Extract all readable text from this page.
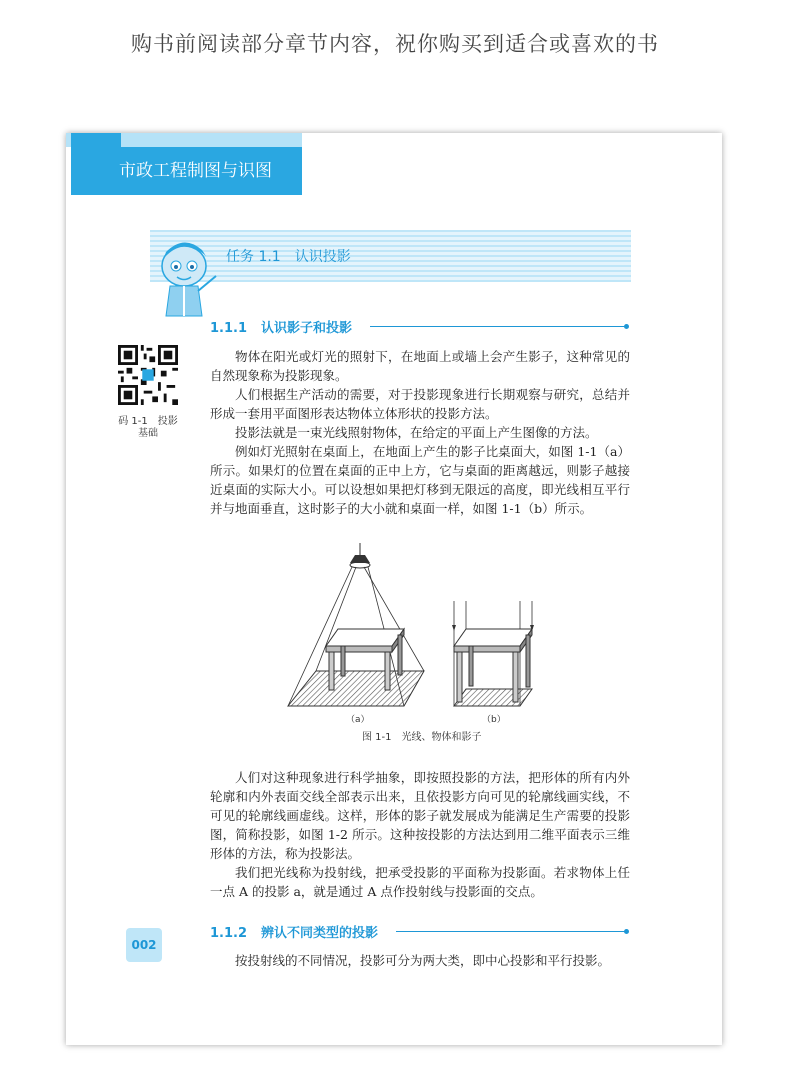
购书前阅读部分章节内容，祝你购买到适合或喜欢的书
市政工程制图与识图
任务 1.1　认识投影
1.1.1 认识影子和投影
码 1-1　投影基础
物体在阳光或灯光的照射下，在地面上或墙上会产生影子，这种常见的自然现象称为投影现象。
人们根据生产活动的需要，对于投影现象进行长期观察与研究，总结并形成一套用平面图形表达物体立体形状的投影方法。
投影法就是一束光线照射物体，在给定的平面上产生图像的方法。
例如灯光照射在桌面上，在地面上产生的影子比桌面大，如图 1-1（a）所示。如果灯的位置在桌面的正中上方，它与桌面的距离越远，则影子越接近桌面的实际大小。可以设想如果把灯移到无限远的高度，即光线相互平行并与地面垂直，这时影子的大小就和桌面一样，如图 1-1（b）所示。
（a）	（b）
图 1-1　光线、物体和影子
人们对这种现象进行科学抽象，即按照投影的方法，把形体的所有内外轮廓和内外表面交线全部表示出来，且依投影方向可见的轮廓线画实线，不可见的轮廓线画虚线。这样，形体的影子就发展成为能满足生产需要的投影图，简称投影，如图 1-2 所示。这种按投影的方法达到用二维平面表示三维形体的方法，称为投影法。
我们把光线称为投射线，把承受投影的平面称为投影面。若求物体上任一点 A 的投影 a，就是通过 A 点作投射线与投影面的交点。
1.1.2 辨认不同类型的投影
002
按投射线的不同情况，投影可分为两大类，即中心投影和平行投影。
